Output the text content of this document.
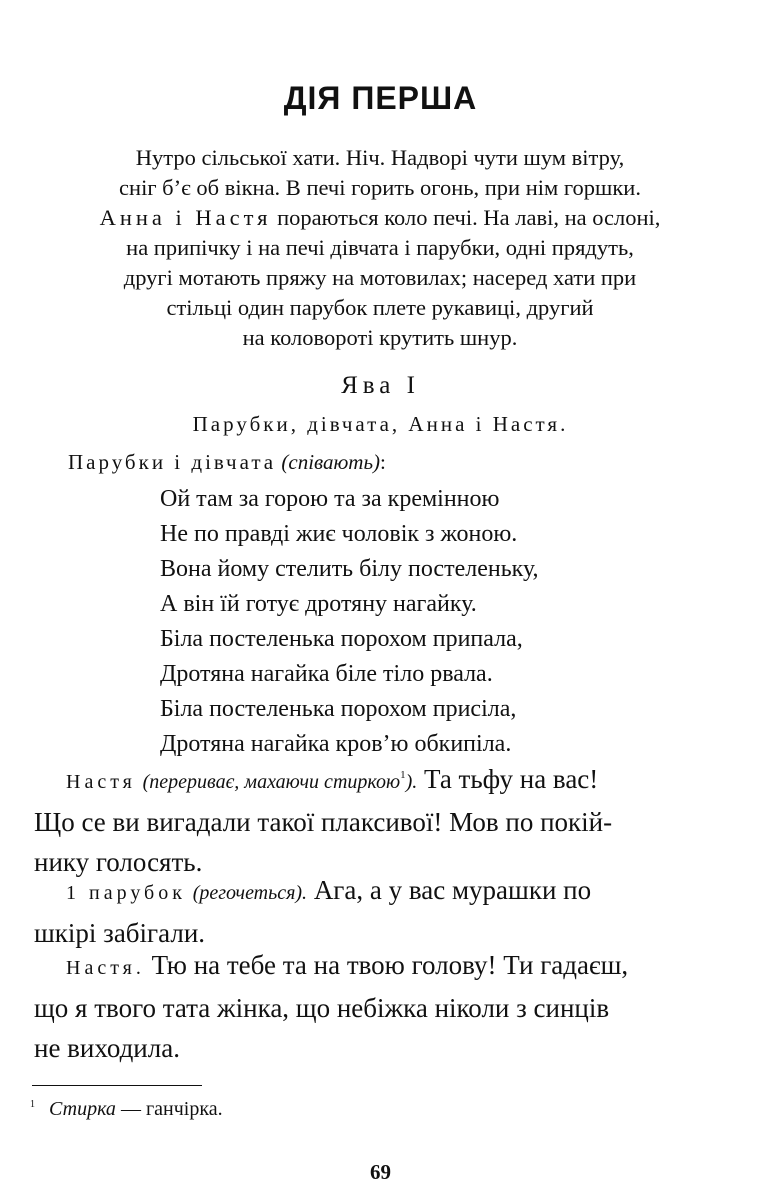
ДІЯ ПЕРША
Нутро сільської хати. Ніч. Надворі чути шум вітру,
сніг б’є об вікна. В печі горить огонь, при нім горшки.
Анна і Настя пораються коло печі. На лаві, на ослоні,
на припічку і на печі дівчата і парубки, одні прядуть,
другі мотають пряжу на мотовилах; насеред хати при
стільці один парубок плете рукавиці, другий
на коловороті крутить шнур.
Ява І
Парубки, дівчата, Анна і Настя.
Парубки і дівчата (співають):
Ой там за горою та за кремінною
Не по правді жиє чоловік з жоною.
Вона йому стелить білу постеленьку,
А він їй готує дротяну нагайку.
Біла постеленька порохом припала,
Дротяна нагайка біле тіло рвала.
Біла постеленька порохом присіла,
Дротяна нагайка кров’ю обкипіла.
Настя (перериває, махаючи стиркою$^1$). Та тьфу на вас!
Що се ви вигадали такої плаксивої! Мов по покій-
нику голосять.
1 парубок (регочеться). Ага, а у вас мурашки по
шкірі забігали.
Настя. Тю на тебе та на твою голову! Ти гадаєш,
що я твого тата жінка, що небіжка ніколи з синців
не виходила.
$^1$ Стирка — ганчірка.
69
